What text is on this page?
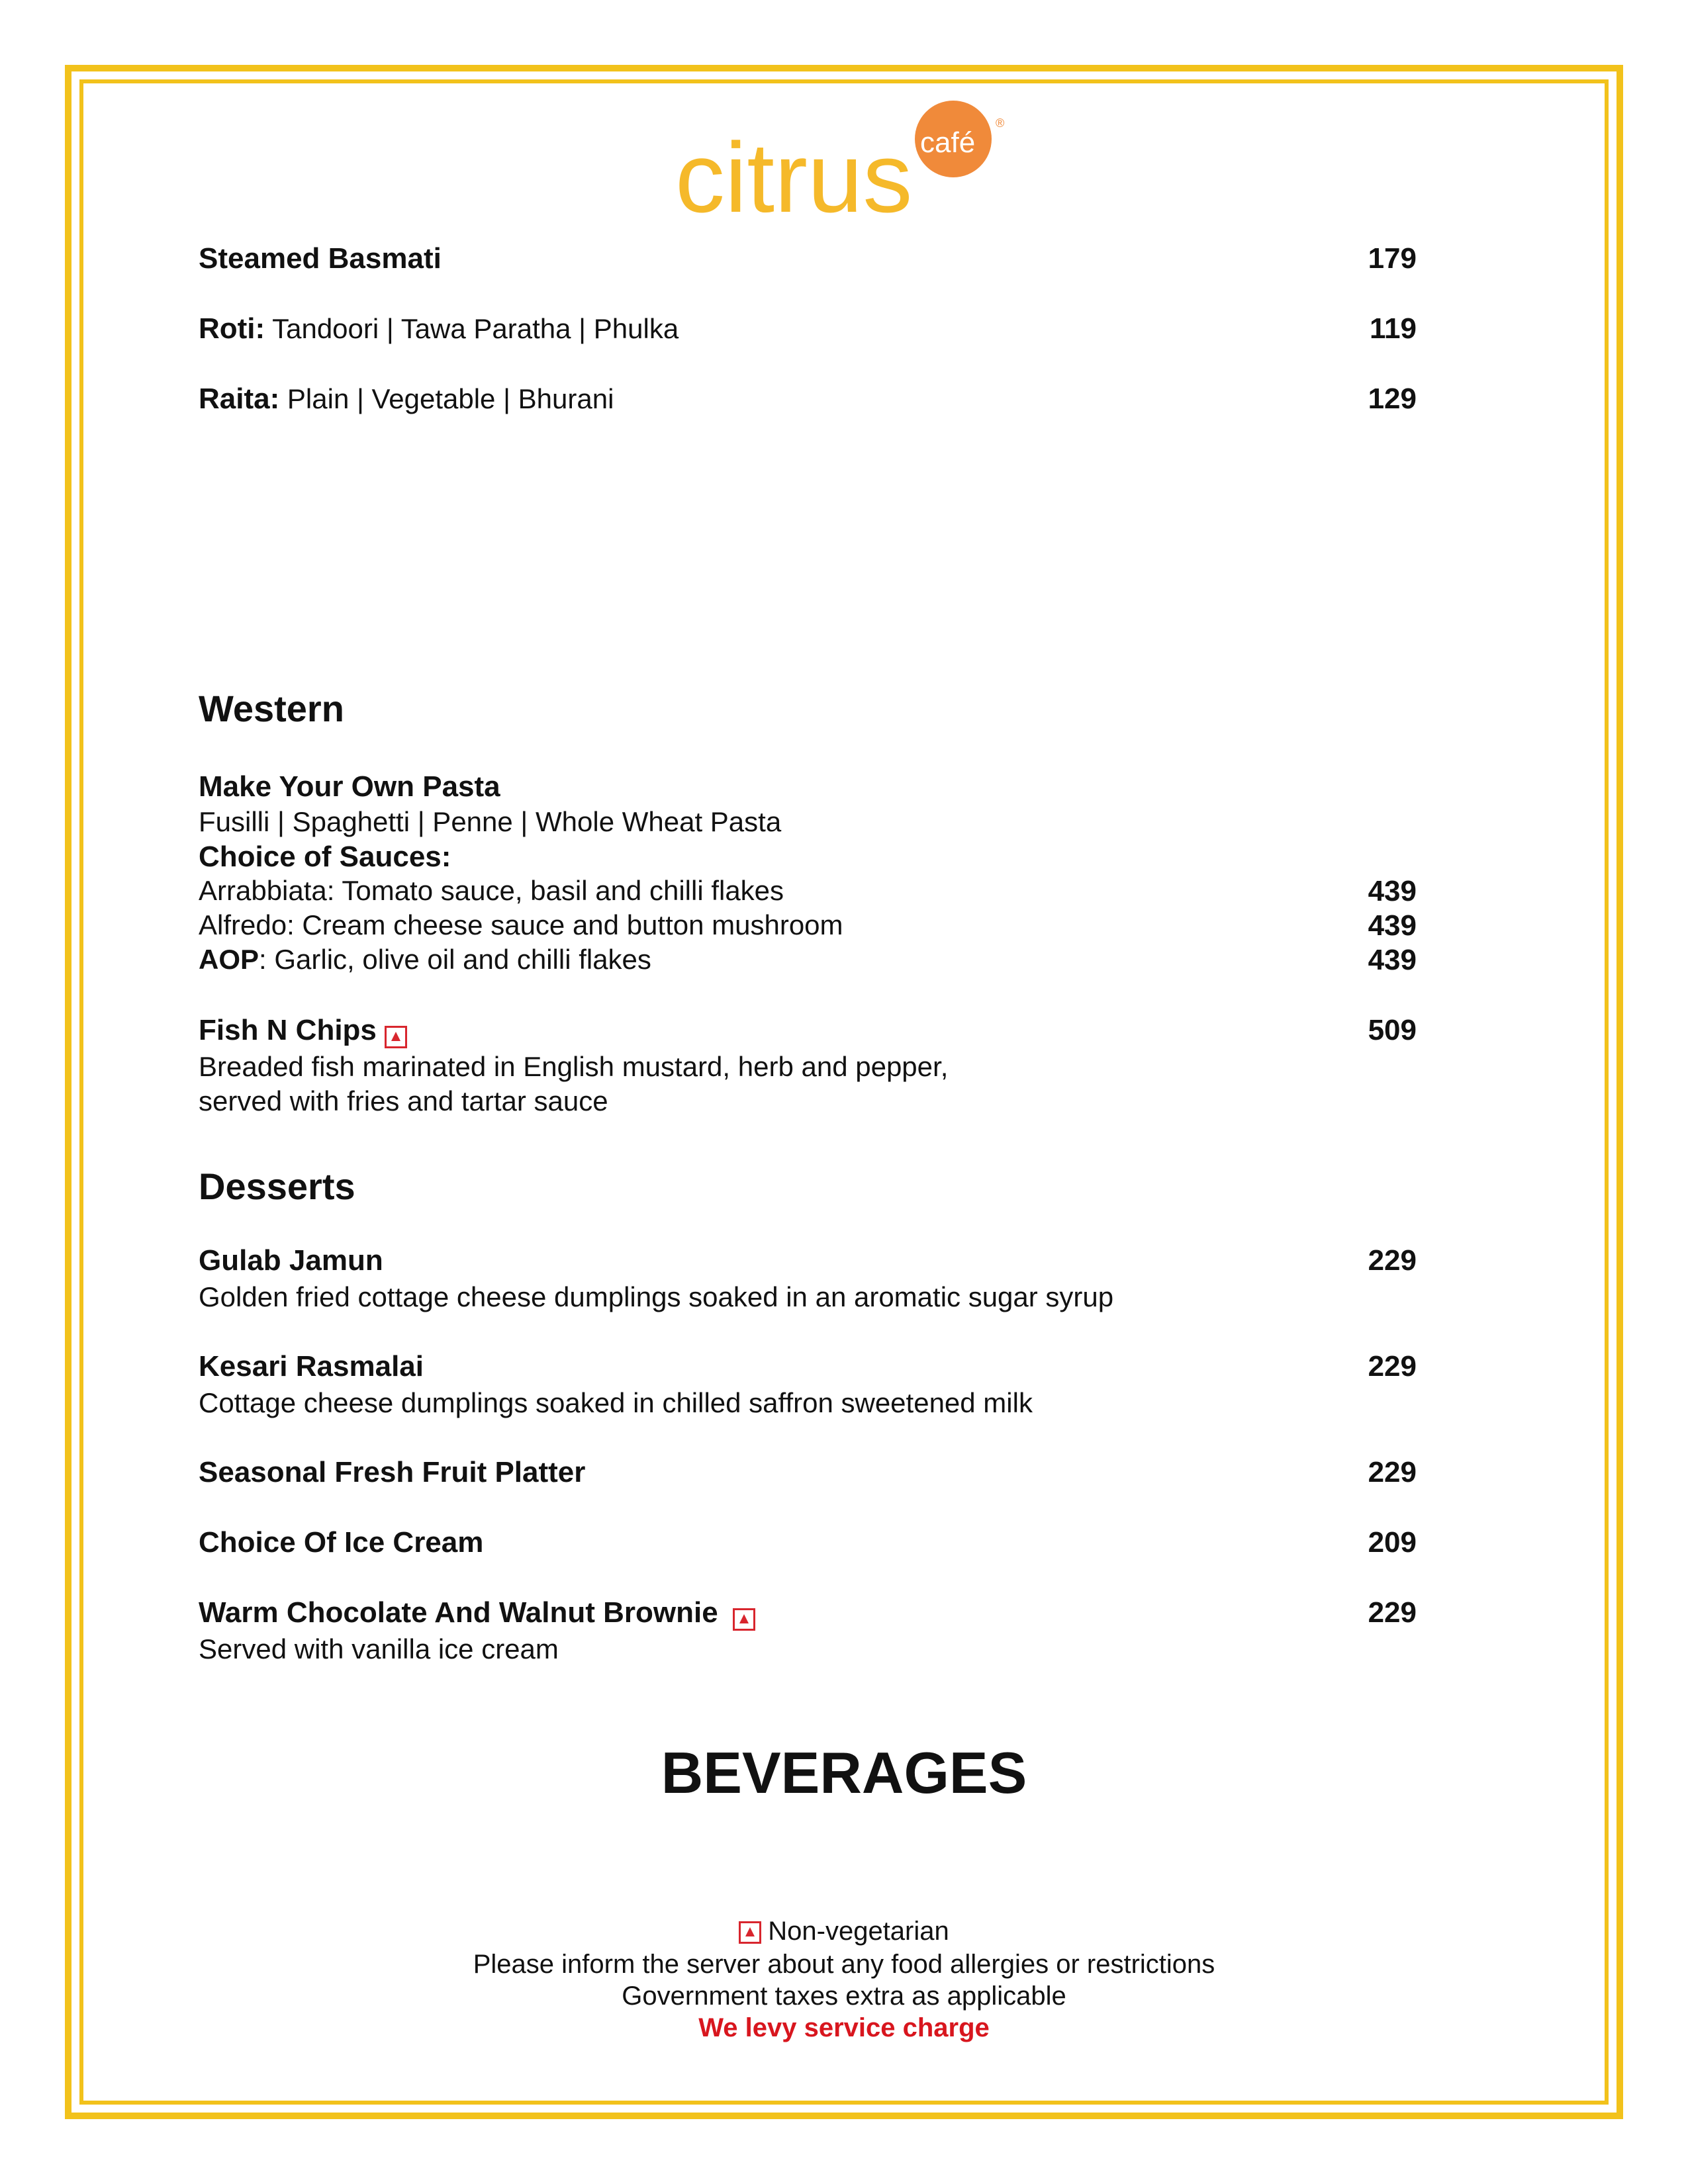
citrus café
®
Steamed Basmati	179
Roti: Tandoori | Tawa Paratha | Phulka	119
Raita: Plain | Vegetable | Bhurani	129
Western
Make Your Own Pasta
Fusilli | Spaghetti | Penne | Whole Wheat Pasta
Choice of Sauces:
Arrabbiata: Tomato sauce, basil and chilli flakes	439
Alfredo: Cream cheese sauce and button mushroom	439
AOP: Garlic, olive oil and chilli flakes	439
Fish N Chips	509
Breaded fish marinated in English mustard, herb and pepper,
served with fries and tartar sauce
Desserts
Gulab Jamun	229
Golden fried cottage cheese dumplings soaked in an aromatic sugar syrup
Kesari Rasmalai	229
Cottage cheese dumplings soaked in chilled saffron sweetened milk
Seasonal Fresh Fruit Platter	229
Choice Of Ice Cream	209
Warm Chocolate And Walnut Brownie	229
Served with vanilla ice cream
BEVERAGES
Non-vegetarian
Please inform the server about any food allergies or restrictions
Government taxes extra as applicable
We levy service charge
